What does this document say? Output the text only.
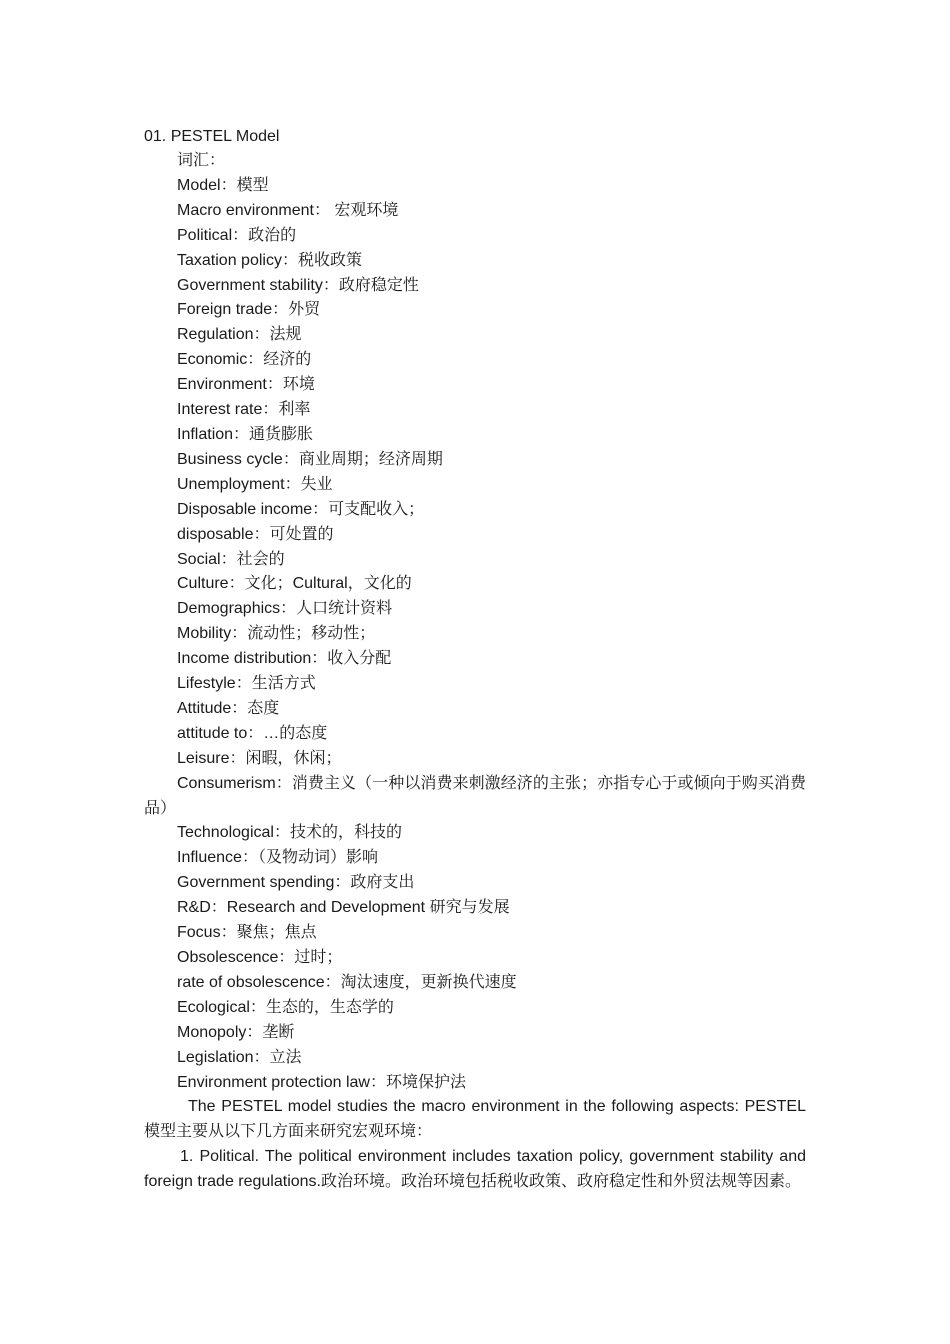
01. PESTEL Model
词汇：
Model：模型
Macro environment： 宏观环境
Political：政治的
Taxation policy：税收政策
Government stability：政府稳定性
Foreign trade：外贸
Regulation：法规
Economic：经济的
Environment：环境
Interest rate：利率
Inflation：通货膨胀
Business cycle：商业周期；经济周期
Unemployment：失业
Disposable income：可支配收入；
disposable：可处置的
Social：社会的
Culture：文化；Cultural，文化的
Demographics：人口统计资料
Mobility：流动性；移动性；
Income distribution：收入分配
Lifestyle：生活方式
Attitude：态度
attitude to：…的态度
Leisure：闲暇，休闲；
Consumerism：消费主义（一种以消费来刺激经济的主张；亦指专心于或倾向于购买消费品）
Technological：技术的，科技的
Influence：（及物动词）影响
Government spending：政府支出
R&D：Research and Development 研究与发展
Focus：聚焦；焦点
Obsolescence：过时；
rate of obsolescence：淘汰速度，更新换代速度
Ecological：生态的，生态学的
Monopoly：垄断
Legislation：立法
Environment protection law：环境保护法

The PESTEL model studies the macro environment in the following aspects: PESTEL 模型主要从以下几方面来研究宏观环境：

1. Political. The political environment includes taxation policy, government stability and foreign trade regulations.政治环境。政治环境包括税收政策、政府稳定性和外贸法规等因素。
